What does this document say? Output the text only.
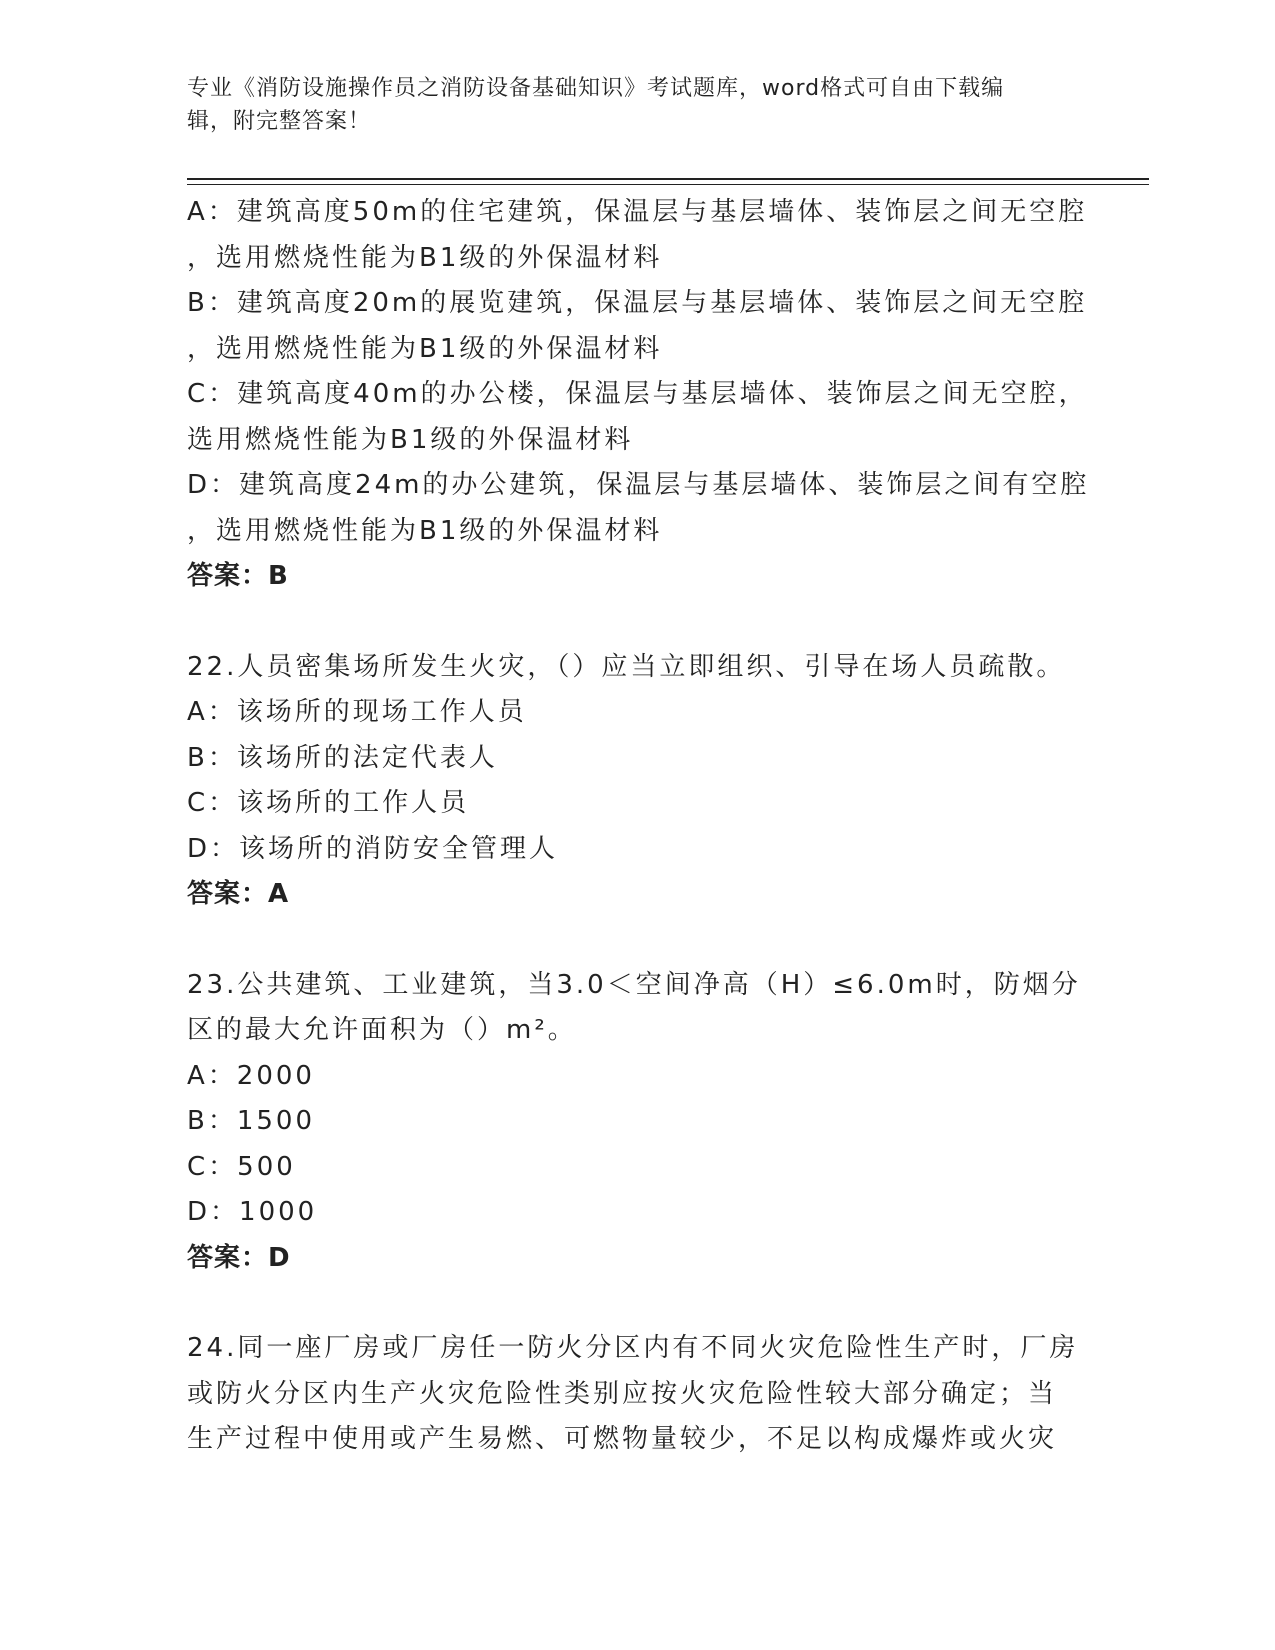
专业《消防设施操作员之消防设备基础知识》考试题库，word格式可自由下载编
辑，附完整答案！
A：建筑高度50m的住宅建筑，保温层与基层墙体、装饰层之间无空腔
，选用燃烧性能为B1级的外保温材料
B：建筑高度20m的展览建筑，保温层与基层墙体、装饰层之间无空腔
，选用燃烧性能为B1级的外保温材料
C：建筑高度40m的办公楼，保温层与基层墙体、装饰层之间无空腔，
选用燃烧性能为B1级的外保温材料
D：建筑高度24m的办公建筑，保温层与基层墙体、装饰层之间有空腔
，选用燃烧性能为B1级的外保温材料
答案：B
22.人员密集场所发生火灾，（）应当立即组织、引导在场人员疏散。
A：该场所的现场工作人员
B：该场所的法定代表人
C：该场所的工作人员
D：该场所的消防安全管理人
答案：A
23.公共建筑、工业建筑，当3.0＜空间净高（H）≤6.0m时，防烟分
区的最大允许面积为（）m²。
A：2000
B：1500
C：500
D：1000
答案：D
24.同一座厂房或厂房任一防火分区内有不同火灾危险性生产时，厂房
或防火分区内生产火灾危险性类别应按火灾危险性较大部分确定；当
生产过程中使用或产生易燃、可燃物量较少，不足以构成爆炸或火灾
